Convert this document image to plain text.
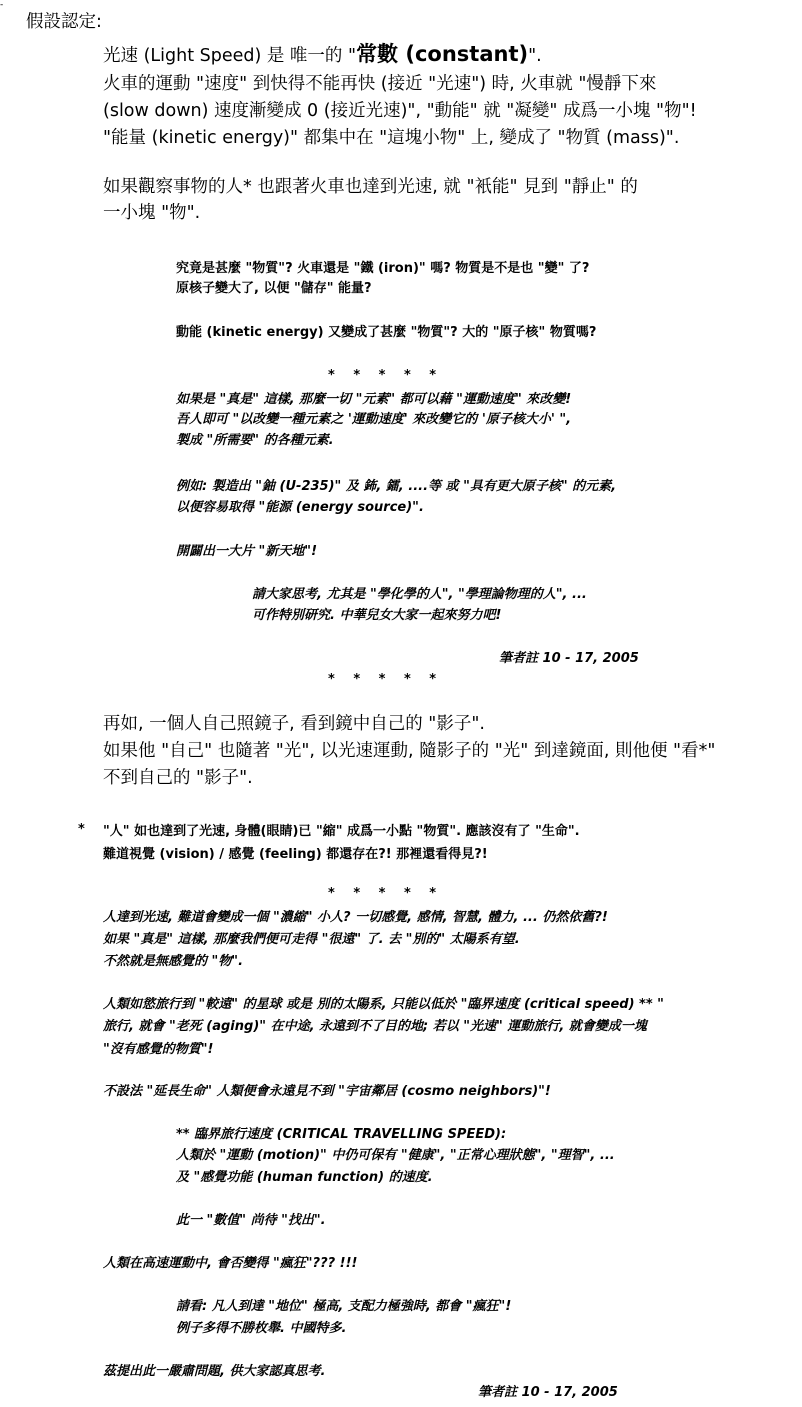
-
假設認定:
光速 (Light Speed) 是 唯一的 "常數 (constant)".
火車的運動 "速度" 到快得不能再快 (接近 "光速") 時, 火車就 "慢靜下來
(slow down) 速度漸變成 0 (接近光速)", "動能" 就 "凝變" 成爲一小塊 "物"!
"能量 (kinetic energy)" 都集中在 "這塊小物" 上, 變成了 "物質 (mass)".
如果觀察事物的人* 也跟著火車也達到光速, 就 "衹能" 見到 "靜止" 的
一小塊 "物".
究竟是甚麼 "物質"? 火車還是 "鐵 (iron)" 嗎? 物質是不是也 "變" 了?
原核子變大了, 以便 "儲存" 能量?
動能 (kinetic energy) 又變成了甚麼 "物質"? 大的 "原子核" 物質嗎?
* * * * *
如果是 "真是" 這樣, 那麼一切 "元素" 都可以藉 "運動速度" 來改變!
吾人即可 "以改變一種元素之 '運動速度' 來改變它的 '原子核大小' ",
製成 "所需要" 的各種元素.
例如: 製造出 "鈾 (U-235)" 及 鈽, 鐳, ....等 或 "具有更大原子核" 的元素,
以便容易取得 "能源 (energy source)".
開闢出一大片 "新天地"!
請大家思考, 尤其是 "學化學的人", "學理論物理的人", ...
可作特別研究. 中華兒女大家一起來努力吧!
筆者註 10 - 17, 2005
* * * * *
再如, 一個人自己照鏡子, 看到鏡中自己的 "影子".
如果他 "自己" 也隨著 "光", 以光速運動, 隨影子的 "光" 到達鏡面, 則他便 "看*"
不到自己的 "影子".
* "人" 如也達到了光速, 身體(眼睛)已 "縮" 成爲一小點 "物質". 應該沒有了 "生命".
難道視覺 (vision) / 感覺 (feeling) 都還存在?! 那裡還看得見?!
* * * * *
人達到光速, 難道會變成一個 "濃縮" 小人? 一切感覺, 感情, 智慧, 體力, ... 仍然依舊?!
如果 "真是" 這樣, 那麼我們便可走得 "很遠" 了. 去 "別的" 太陽系有望.
不然就是無感覺的 "物".
人類如慾旅行到 "較遠" 的星球 或是 別的太陽系, 只能以低於 "臨界速度 (critical speed) ** "
旅行, 就會 "老死 (aging)" 在中途, 永遠到不了目的地; 若以 "光速" 運動旅行, 就會變成一塊
"沒有感覺的物質"!
不設法 "延長生命" 人類便會永遠見不到 "宇宙鄰居 (cosmo neighbors)"!
** 臨界旅行速度 (CRITICAL TRAVELLING SPEED):
人類於 "運動 (motion)" 中仍可保有 "健康", "正常心理狀態", "理智", ...
及 "感覺功能 (human function) 的速度.
此一 "數值" 尚待 "找出".
人類在高速運動中, 會否變得 "瘋狂"??? !!!
請看: 凡人到達 "地位" 極高, 支配力極強時, 都會 "瘋狂"!
例子多得不勝枚舉. 中國特多.
茲提出此一嚴肅問題, 供大家認真思考.
筆者註 10 - 17, 2005
